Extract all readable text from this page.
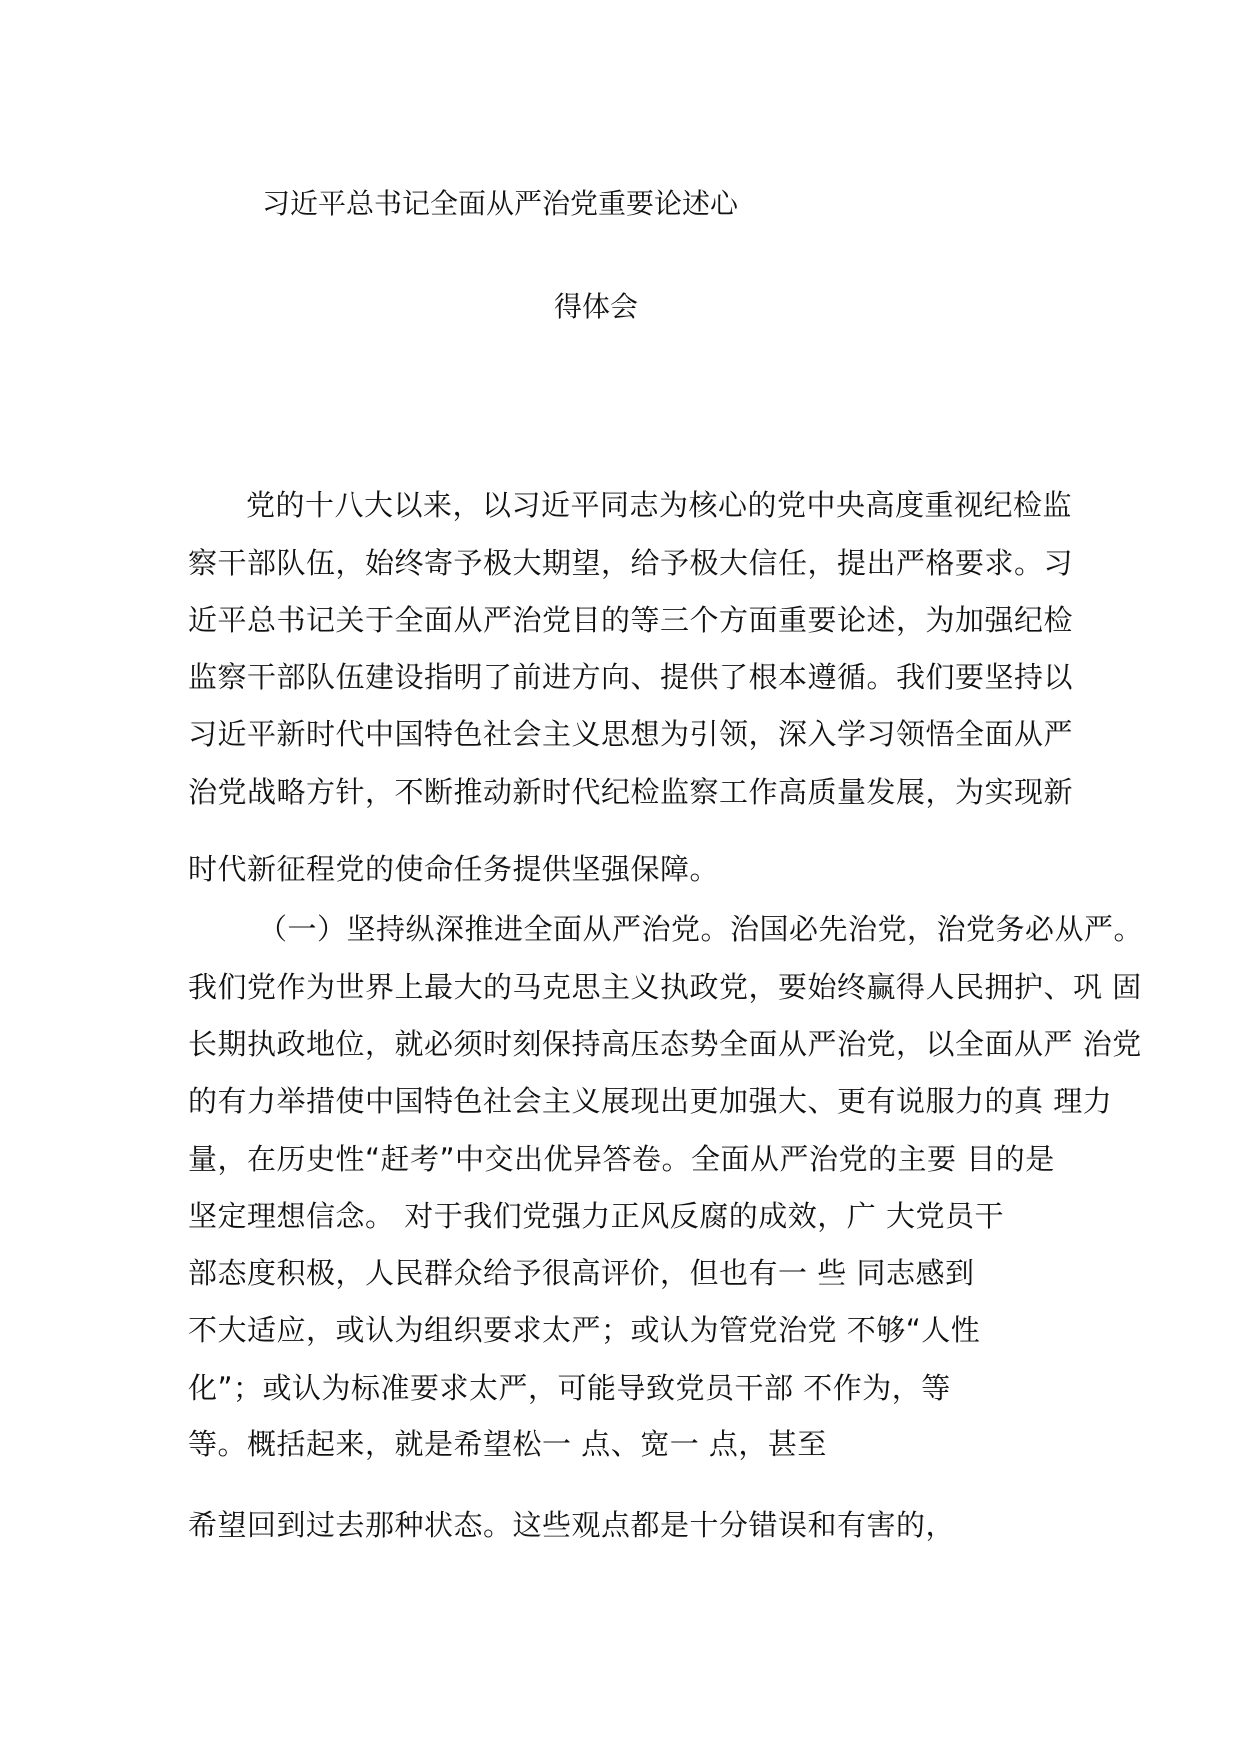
习近平总书记全面从严治党重要论述心
得体会
党的十八大以来，以习近平同志为核心的党中央高度重视纪检监
察干部队伍，始终寄予极大期望，给予极大信任，提出严格要求。习
近平总书记关于全面从严治党目的等三个方面重要论述，为加强纪检
监察干部队伍建设指明了前进方向、提供了根本遵循。我们要坚持以
习近平新时代中国特色社会主义思想为引领，深入学习领悟全面从严
治党战略方针，不断推动新时代纪检监察工作高质量发展，为实现新
时代新征程党的使命任务提供坚强保障。
（一）坚持纵深推进全面从严治党。治国必先治党，治党务必从严。
我们党作为世界上最大的马克思主义执政党，要始终赢得人民拥护、巩 固
长期执政地位，就必须时刻保持高压态势全面从严治党，以全面从严 治党
的有力举措使中国特色社会主义展现出更加强大、更有说服力的真 理力
量，在历史性“赶考”中交出优异答卷。全面从严治党的主要 目的是
坚定理想信念。 对于我们党强力正风反腐的成效，广 大党员干
部态度积极，人民群众给予很高评价，但也有一 些 同志感到
不大适应，或认为组织要求太严；或认为管党治党 不够“人性
化”；或认为标准要求太严，可能导致党员干部 不作为，等
等。概括起来，就是希望松一 点、宽一 点，甚至
希望回到过去那种状态。这些观点都是十分错误和有害的，
